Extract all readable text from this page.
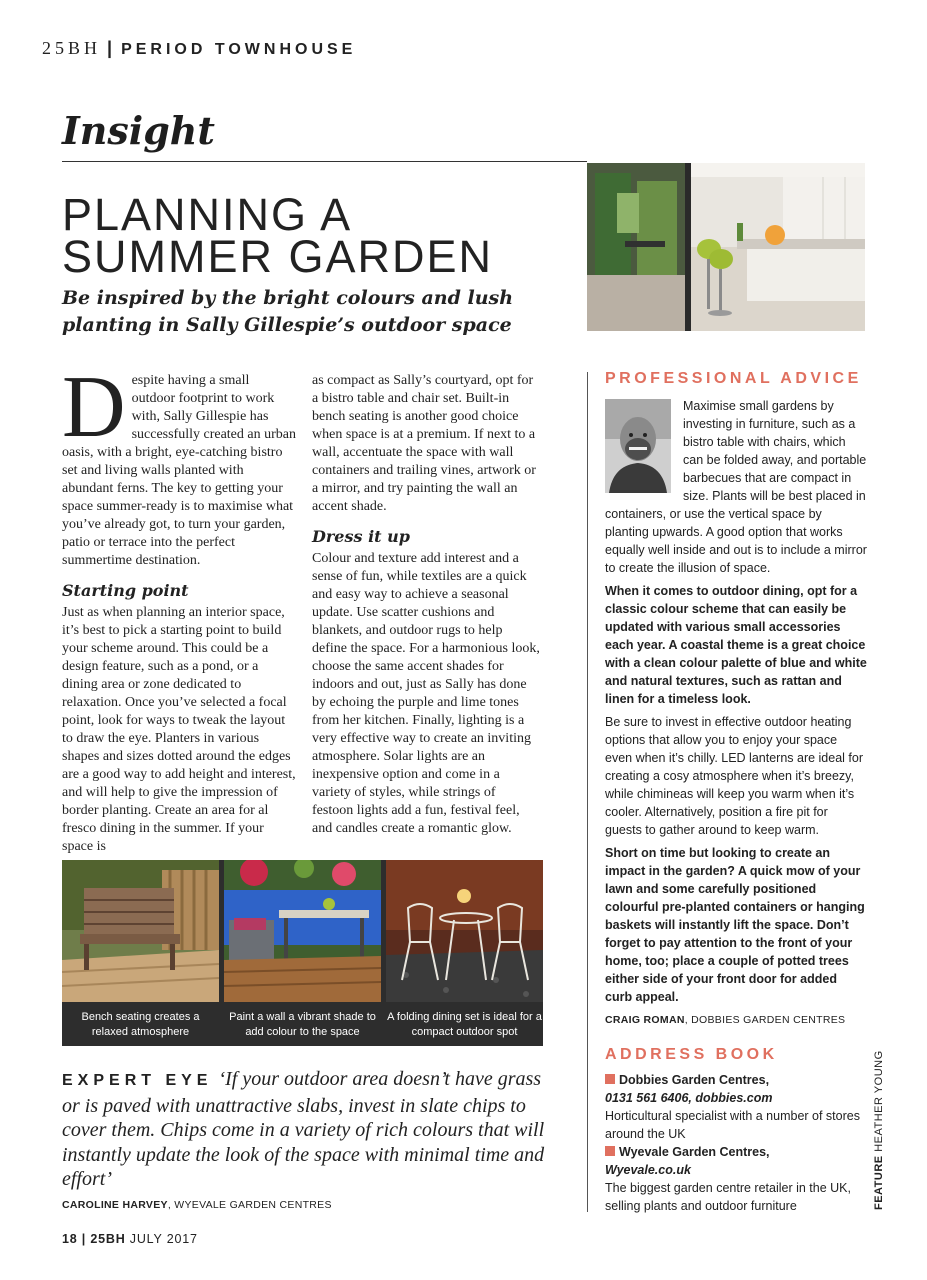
25BH | PERIOD TOWNHOUSE
Insight
PLANNING A
SUMMER GARDEN

Be inspired by the bright colours and lush planting in Sally Gillespie’s outdoor space

Despite having a small outdoor footprint to work with, Sally Gillespie has successfully created an urban oasis, with a bright, eye-catching bistro set and living walls planted with abundant ferns. The key to getting your space summer-ready is to maximise what you’ve already got, to turn your garden, patio or terrace into the perfect summertime destination.

Starting point

Just as when planning an interior space, it’s best to pick a starting point to build your scheme around. This could be a design feature, such as a pond, or a dining area or zone dedicated to relaxation. Once you’ve selected a focal point, look for ways to tweak the layout to draw the eye. Planters in various shapes and sizes dotted around the edges are a good way to add height and interest, and will help to give the impression of border planting. Create an area for al fresco dining in the summer. If your space is

as compact as Sally’s courtyard, opt for a bistro table and chair set. Built-in bench seating is another good choice when space is at a premium. If next to a wall, accentuate the space with wall containers and trailing vines, artwork or a mirror, and try painting the wall an accent shade.

Dress it up

Colour and texture add interest and a sense of fun, while textiles are a quick and easy way to achieve a seasonal update. Use scatter cushions and blankets, and outdoor rugs to help define the space. For a harmonious look, choose the same accent shades for indoors and out, just as Sally has done by echoing the purple and lime tones from her kitchen. Finally, lighting is a very effective way to create an inviting atmosphere. Solar lights are an inexpensive option and come in a variety of styles, while strings of festoon lights add a fun, festival feel, and candles create a romantic glow.

Bench seating creates a relaxed atmosphere
Paint a wall a vibrant shade to add colour to the space
A folding dining set is ideal for a compact outdoor spot
EXPERT EYE ‘If your outdoor area doesn’t have grass or is paved with unattractive slabs, invest in slate chips to cover them. Chips come in a variety of rich colours that will instantly update the look of the space with minimal time and effort’
CAROLINE HARVEY, WYEVALE GARDEN CENTRES
PROFESSIONAL ADVICE

Maximise small gardens by investing in furniture, such as a bistro table with chairs, which can be folded away, and portable barbecues that are compact in size. Plants will be best placed in containers, or use the vertical space by planting upwards. A good option that works equally well inside and out is to include a mirror to create the illusion of space.

When it comes to outdoor dining, opt for a classic colour scheme that can easily be updated with various small accessories each year. A coastal theme is a great choice with a clean colour palette of blue and white and natural textures, such as rattan and linen for a timeless look.

Be sure to invest in effective outdoor heating options that allow you to enjoy your space even when it’s chilly. LED lanterns are ideal for creating a cosy atmosphere when it’s breezy, while chimineas will keep you warm when it’s cooler. Alternatively, position a fire pit for guests to gather around to keep warm.

Short on time but looking to create an impact in the garden? A quick mow of your lawn and some carefully positioned colourful pre-planted containers or hanging baskets will instantly lift the space. Don’t forget to pay attention to the front of your home, too; place a couple of potted trees either side of your front door for added curb appeal.

CRAIG ROMAN, DOBBIES GARDEN CENTRES
ADDRESS BOOK
Dobbies Garden Centres,
0131 561 6406, dobbies.com
Horticultural specialist with a number of stores around the UK
Wyevale Garden Centres,
Wyevale.co.uk
The biggest garden centre retailer in the UK, selling plants and outdoor furniture	FEATURE HEATHER YOUNG
18 | 25BH JULY 2017
